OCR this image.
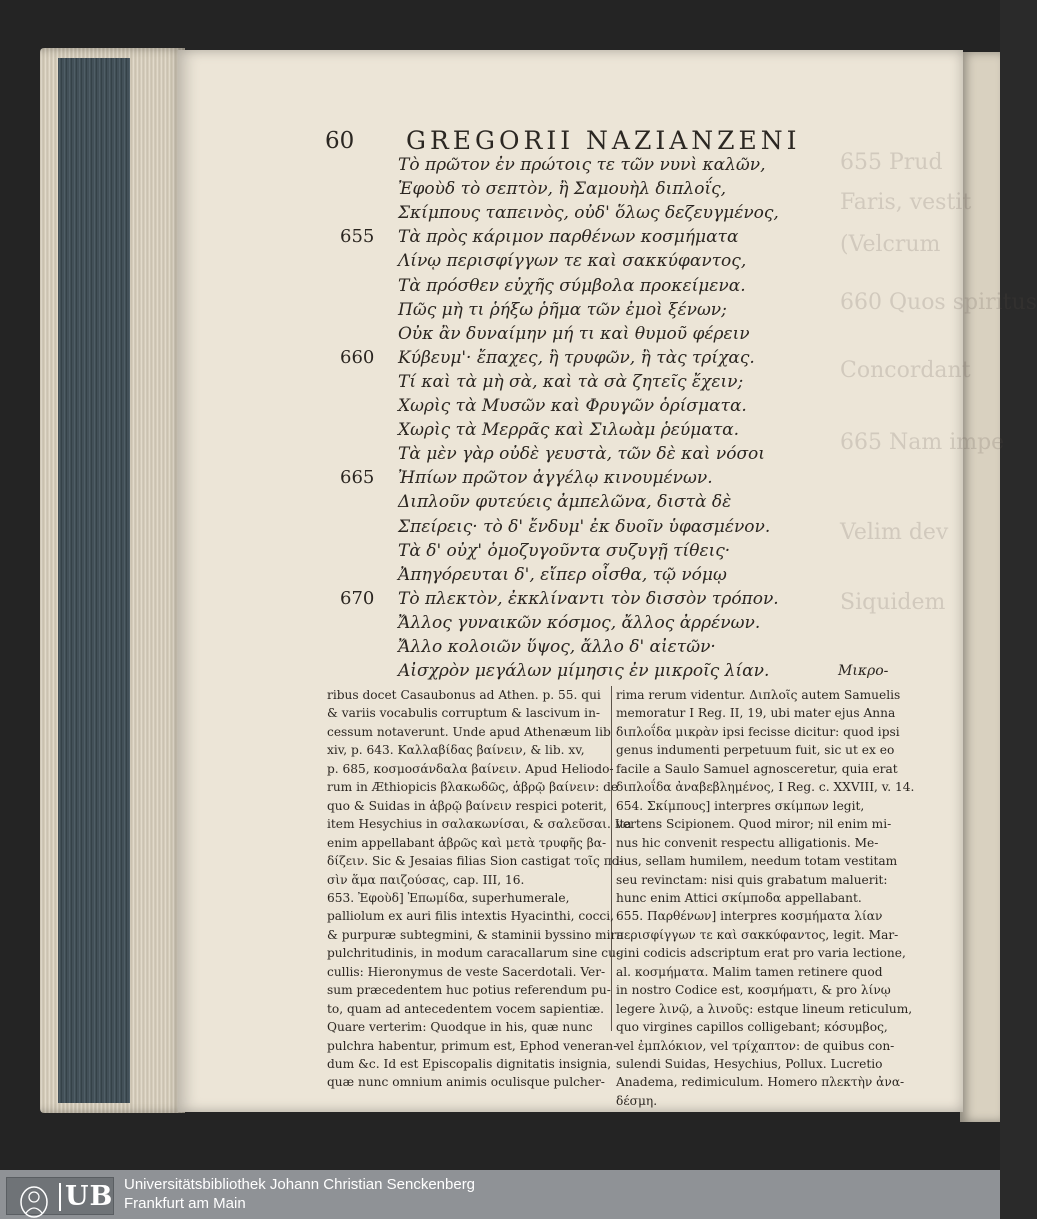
655 Prud
Faris, vestit
(Velcrum
660 Quos spiritus
Concordant
665 Nam impe
Velim dev
Siquidem
60 GREGORII NAZIANZENI
Τὸ πρῶτον ἐν πρώτοις τε τῶν νυνὶ καλῶν,
Ἐφοὺδ τὸ σεπτὸν, ἢ Σαμουὴλ διπλοΐς,
Σκίμπους ταπεινὸς, οὐδ' ὅλως δεζευγμένος,
655 Τὰ πρὸς κάριμον παρθένων κοσμήματα
Λίνῳ περισφίγγων τε καὶ σακκύφαντος,
Τὰ πρόσθεν εὐχῆς σύμβολα προκείμενα.
Πῶς μὴ τι ῥήξω ῥῆμα τῶν ἐμοὶ ξένων;
Οὐκ ἂν δυναίμην μή τι καὶ θυμοῦ φέρειν
660 Κύβευμ'· ἔπαχες, ἢ τρυφῶν, ἢ τὰς τρίχας.
Τί καὶ τὰ μὴ σὰ, καὶ τὰ σὰ ζητεῖς ἔχειν;
Χωρὶς τὰ Μυσῶν καὶ Φρυγῶν ὁρίσματα.
Χωρὶς τὰ Μερρᾶς καὶ Σιλωὰμ ῥεύματα.
Τὰ μὲν γὰρ οὐδὲ γευστὰ, τῶν δὲ καὶ νόσοι
665 Ἠπίων πρῶτον ἀγγέλῳ κινουμένων.
Διπλοῦν φυτεύεις ἀμπελῶνα, διστὰ δὲ
Σπείρεις· τὸ δ' ἔνδυμ' ἐκ δυοῖν ὑφασμένον.
Τὰ δ' οὐχ' ὁμοζυγοῦντα συζυγῇ τίθεις·
Ἀπηγόρευται δ', εἴπερ οἶσθα, τῷ νόμῳ
670 Τὸ πλεκτὸν, ἐκκλίναντι τὸν δισσὸν τρόπον.
Ἄλλος γυναικῶν κόσμος, ἄλλος ἀρρένων.
Ἄλλο κολοιῶν ὕψος, ἄλλο δ' αἰετῶν·
Αἰσχρὸν μεγάλων μίμησις ἐν μικροῖς λίαν.	Μικρο-
ribus docet Casaubonus ad Athen. p. 55. qui
& variis vocabulis corruptum & lascivum in-
cessum notaverunt. Unde apud Athenæum lib
xiv, p. 643. Καλλαβίδας βαίνειν, & lib. xv,
p. 685, κοσμοσάνδαλα βαίνειν. Apud Heliodo-
rum in Æthiopicis βλακωδῶς, ἁβρῷ βαίνειν: de
quo & Suidas in ἁβρῷ βαίνειν respici poterit,
item Hesychius in σαλακωνίσαι, & σαλεῦσαι. Ita
enim appellabant ἁβρῶς καὶ μετὰ τρυφῆς βα-
δίζειν. Sic & Jesaias filias Sion castigat τοῖς πο-
σὶν ἅμα παιζούσας, cap. III, 16.
653. Ἐφοὺδ] Ἐπωμίδα, superhumerale,
palliolum ex auri filis intextis Hyacinthi, cocci,
& purpuræ subtegmini, & staminii byssino mira
pulchritudinis, in modum caracallarum sine cu-
cullis: Hieronymus de veste Sacerdotali. Ver-
sum præcedentem huc potius referendum pu-
to, quam ad antecedentem vocem sapientiæ.
Quare verterim: Quodque in his, quæ nunc
pulchra habentur, primum est, Ephod veneran-
dum &c. Id est Episcopalis dignitatis insignia,
quæ nunc omnium animis oculisque pulcher-
rima rerum videntur. Διπλοῖς autem Samuelis
memoratur I Reg. II, 19, ubi mater ejus Anna
διπλοΐδα μικρὰν ipsi fecisse dicitur: quod ipsi
genus indumenti perpetuum fuit, sic ut ex eo
facile a Saulo Samuel agnosceretur, quia erat
διπλοΐδα ἀναβεβλημένος, I Reg. c. XXVIII, v. 14.
654. Σκίμπους] interpres σκίμπων legit,
vertens Scipionem. Quod miror; nil enim mi-
nus hic convenit respectu alligationis. Me-
lius, sellam humilem, needum totam vestitam
seu revinctam: nisi quis grabatum maluerit:
hunc enim Attici σκίμποδα appellabant.
655. Παρθένων] interpres κοσμήματα λίαν
περισφίγγων τε καὶ σακκύφαντος, legit. Mar-
gini codicis adscriptum erat pro varia lectione,
al. κοσμήματα. Malim tamen retinere quod
in nostro Codice est, κοσμήματι, & pro λίνῳ
legere λινῷ, a λινοῦς: estque lineum reticulum,
quo virgines capillos colligebant; κόσυμβος,
vel ἐμπλόκιον, vel τρίχαπτον: de quibus con-
sulendi Suidas, Hesychius, Pollux. Lucretio
Anadema, redimiculum. Homero πλεκτὴν ἀνα-
δέσμη.
UB Universitätsbibliothek Johann Christian Senckenberg
Frankfurt am Main
